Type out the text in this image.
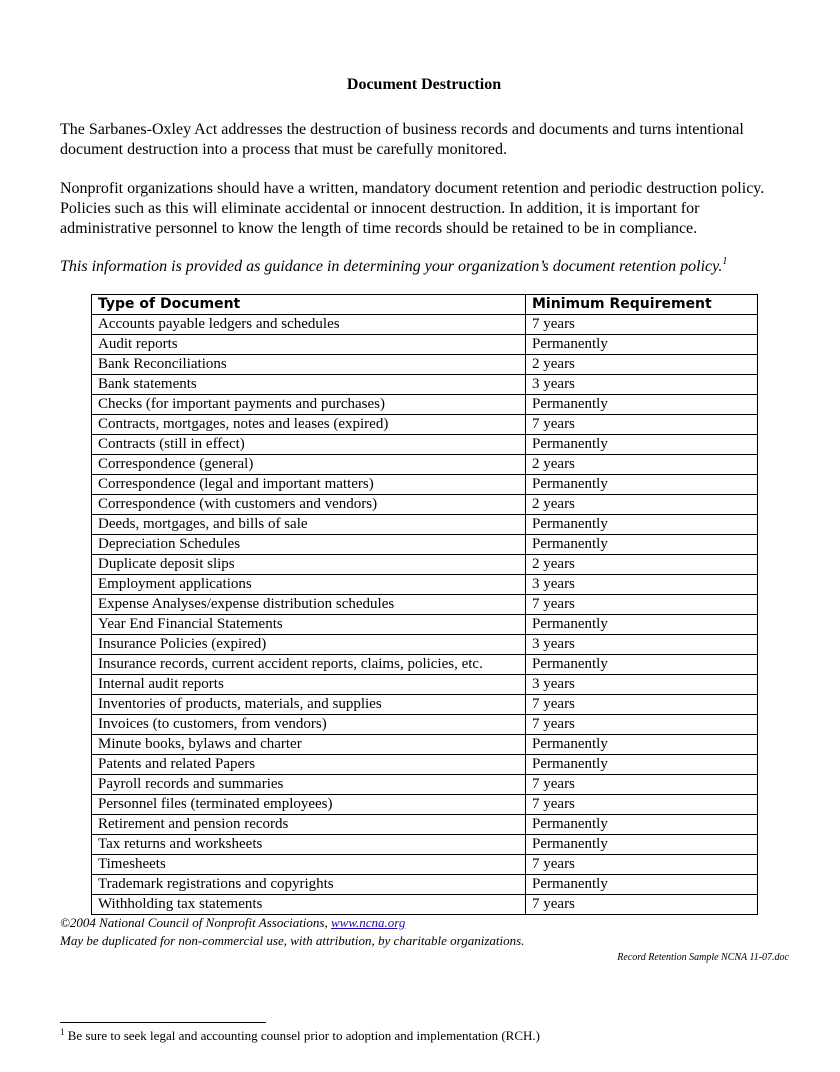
Document Destruction

The Sarbanes-Oxley Act addresses the destruction of business records and documents and turns intentional document destruction into a process that must be carefully monitored.

Nonprofit organizations should have a written, mandatory document retention and periodic destruction policy. Policies such as this will eliminate accidental or innocent destruction. In addition, it is important for administrative personnel to know the length of time records should be retained to be in compliance.

This information is provided as guidance in determining your organization’s document retention policy.$^1$

Type of Document	Minimum Requirement
Accounts payable ledgers and schedules	7 years
Audit reports	Permanently
Bank Reconciliations	2 years
Bank statements	3 years
Checks (for important payments and purchases)	Permanently
Contracts, mortgages, notes and leases (expired)	7 years
Contracts (still in effect)	Permanently
Correspondence (general)	2 years
Correspondence (legal and important matters)	Permanently
Correspondence (with customers and vendors)	2 years
Deeds, mortgages, and bills of sale	Permanently
Depreciation Schedules	Permanently
Duplicate deposit slips	2 years
Employment applications	3 years
Expense Analyses/expense distribution schedules	7 years
Year End Financial Statements	Permanently
Insurance Policies (expired)	3 years
Insurance records, current accident reports, claims, policies, etc.	Permanently
Internal audit reports	3 years
Inventories of products, materials, and supplies	7 years
Invoices (to customers, from vendors)	7 years
Minute books, bylaws and charter	Permanently
Patents and related Papers	Permanently
Payroll records and summaries	7 years
Personnel files (terminated employees)	7 years
Retirement and pension records	Permanently
Tax returns and worksheets	Permanently
Timesheets	7 years
Trademark registrations and copyrights	Permanently
Withholding tax statements	7 years
©2004 National Council of Nonprofit Associations, www.ncna.org
May be duplicated for non-commercial use, with attribution, by charitable organizations.
Record Retention Sample NCNA 11-07.doc
$^1$ Be sure to seek legal and accounting counsel prior to adoption and implementation (RCH.)
